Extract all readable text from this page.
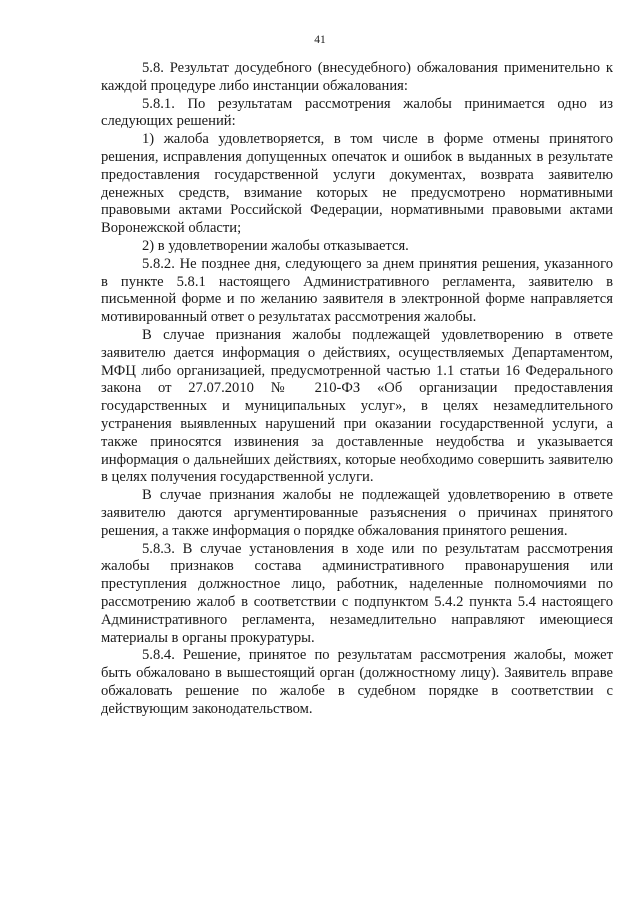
41

5.8. Результат досудебного (внесудебного) обжалования применительно к каждой процедуре либо инстанции обжалования:

5.8.1. По результатам рассмотрения жалобы принимается одно из следующих решений:

1) жалоба удовлетворяется, в том числе в форме отмены принятого решения, исправления допущенных опечаток и ошибок в выданных в результате предоставления государственной услуги документах, возврата заявителю денежных средств, взимание которых не предусмотрено нормативными правовыми актами Российской Федерации, нормативными правовыми актами Воронежской области;

2) в удовлетворении жалобы отказывается.

5.8.2. Не позднее дня, следующего за днем принятия решения, указанного в пункте 5.8.1 настоящего Административного регламента, заявителю в письменной форме и по желанию заявителя в электронной форме направляется мотивированный ответ о результатах рассмотрения жалобы.

В случае признания жалобы подлежащей удовлетворению в ответе заявителю дается информация о действиях, осуществляемых Департаментом, МФЦ либо организацией, предусмотренной частью 1.1 статьи 16 Федерального закона от 27.07.2010 № 210-ФЗ «Об организации предоставления государственных и муниципальных услуг», в целях незамедлительного устранения выявленных нарушений при оказании государственной услуги, а также приносятся извинения за доставленные неудобства и указывается информация о дальнейших действиях, которые необходимо совершить заявителю в целях получения государственной услуги.

В случае признания жалобы не подлежащей удовлетворению в ответе заявителю даются аргументированные разъяснения о причинах принятого решения, а также информация о порядке обжалования принятого решения.

5.8.3. В случае установления в ходе или по результатам рассмотрения жалобы признаков состава административного правонарушения или преступления должностное лицо, работник, наделенные полномочиями по рассмотрению жалоб в соответствии с подпунктом 5.4.2 пункта 5.4 настоящего Административного регламента, незамедлительно направляют имеющиеся материалы в органы прокуратуры.

5.8.4. Решение, принятое по результатам рассмотрения жалобы, может быть обжаловано в вышестоящий орган (должностному лицу). Заявитель вправе обжаловать решение по жалобе в судебном порядке в соответствии с действующим законодательством.
